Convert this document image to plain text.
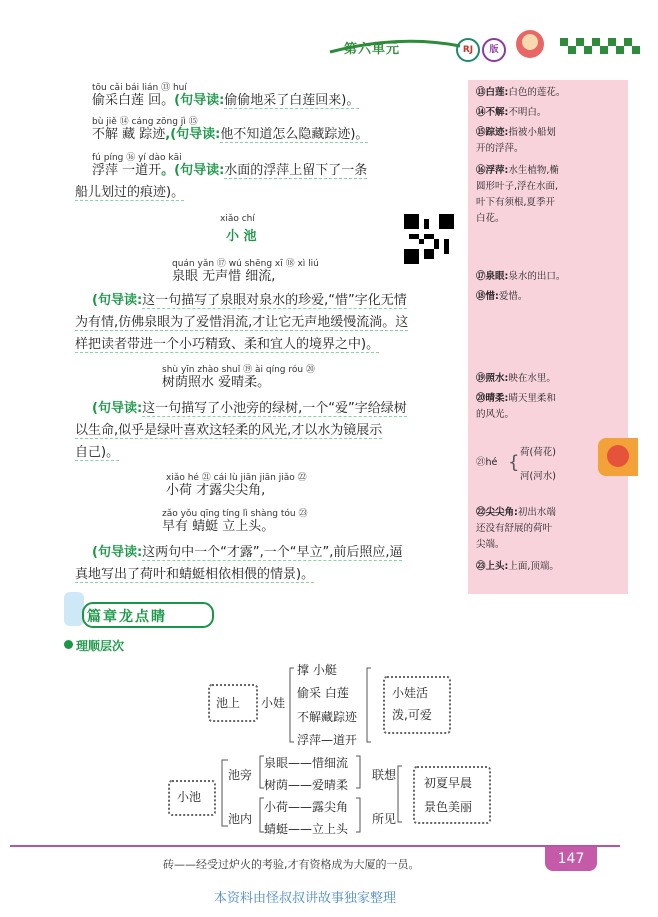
第六单元	RJ	版
⑬白莲:白色的莲花。
⑭不解:不明白。
⑮踪迹:指被小船划
开的浮萍。
⑯浮萍:水生植物,椭
圆形叶子,浮在水面,
叶下有须根,夏季开
白花。
⑰泉眼:泉水的出口。
⑱惜:爱惜。
⑲照水:映在水里。
⑳晴柔:晴天里柔和
的风光。
㉑hé { 荷(荷花)
河(河水)
㉒尖尖角:初出水端
还没有舒展的荷叶
尖端。
㉓上头:上面,顶端。
tōu cǎi bái lián ⑬ huí
偷采白莲 回。(句导读:偷偷地采了白莲回来)。
bù jiě ⑭ cáng zōng jì ⑮
不解 藏 踪迹,(句导读:他不知道怎么隐藏踪迹)。
fú píng ⑯ yí dào kāi
浮萍 一道开。(句导读:水面的浮萍上留下了一条
船儿划过的痕迹)。
xiǎo chí
小 池
quán yǎn ⑰ wú shēng xī ⑱ xì liú
泉眼 无声惜 细流,
(句导读:这一句描写了泉眼对泉水的珍爱,“惜”字化无情
为有情,仿佛泉眼为了爱惜涓流,才让它无声地缓慢流淌。这
样把读者带进一个小巧精致、柔和宜人的境界之中)。
shù yīn zhào shuǐ ⑲ ài qíng róu ⑳
树荫照水 爱晴柔。
(句导读:这一句描写了小池旁的绿树,一个“爱”字给绿树
以生命,似乎是绿叶喜欢这轻柔的风光,才以水为镜展示
自己)。
xiǎo hé ㉑ cái lù jiān jiān jiǎo ㉒
小荷 才露尖尖角,
zǎo yǒu qīng tíng lì shàng tóu ㉓
早有 蜻蜓 立上头。
(句导读:这两句中一个“才露”,一个“早立”,前后照应,逼
真地写出了荷叶和蜻蜓相依相偎的情景)。
篇章龙点睛
理顺层次
池上 小娃
撑 小艇
偷采 白莲
不解藏踪迹
浮萍—道开
小娃活
泼,可爱
小池
池旁
池内
泉眼——惜细流
树荫——爱晴柔
小荷——露尖角
蜻蜓——立上头
联想
所见
初夏早晨
景色美丽
砖——经受过炉火的考验,才有资格成为大厦的一员。	147
本资料由怪叔叔讲故事独家整理
